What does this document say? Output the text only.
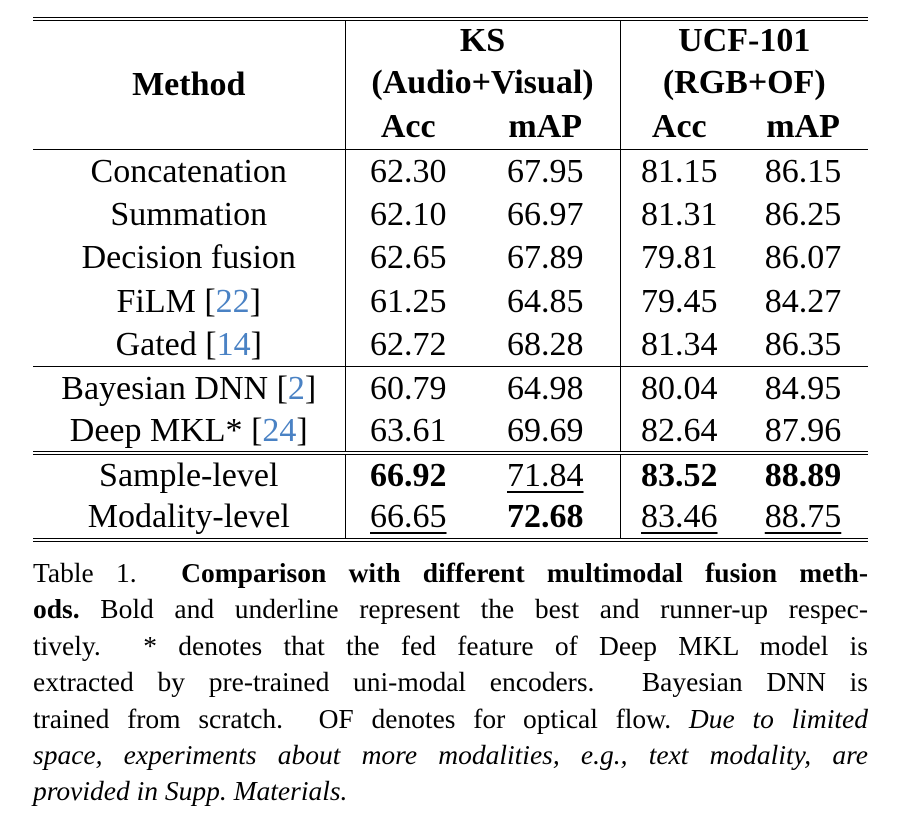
Method	KS		UCF-101	
	(Audio+Visual)		(RGB+OF)	
	Acc	mAP	Acc	mAP
Concatenation	62.30	67.95	81.15	86.15
Summation	62.10	66.97	81.31	86.25
Decision fusion	62.65	67.89	79.81	86.07
FiLM [22]	61.25	64.85	79.45	84.27
Gated [14]	62.72	68.28	81.34	86.35
Bayesian DNN [2]	60.79	64.98	80.04	84.95
Deep MKL* [24]	63.61	69.69	82.64	87.96
Sample-level	66.92	71.84	83.52	88.89
Modality-level	66.65	72.68	83.46	88.75
Table 1.  Comparison with different multimodal fusion meth-
ods. Bold and underline represent the best and runner-up respec-
tively.  * denotes that the fed feature of Deep MKL model is
extracted by pre-trained uni-modal encoders.  Bayesian DNN is
trained from scratch.  OF denotes for optical flow. Due to limited
space, experiments about more modalities, e.g., text modality, are
provided in Supp. Materials.
